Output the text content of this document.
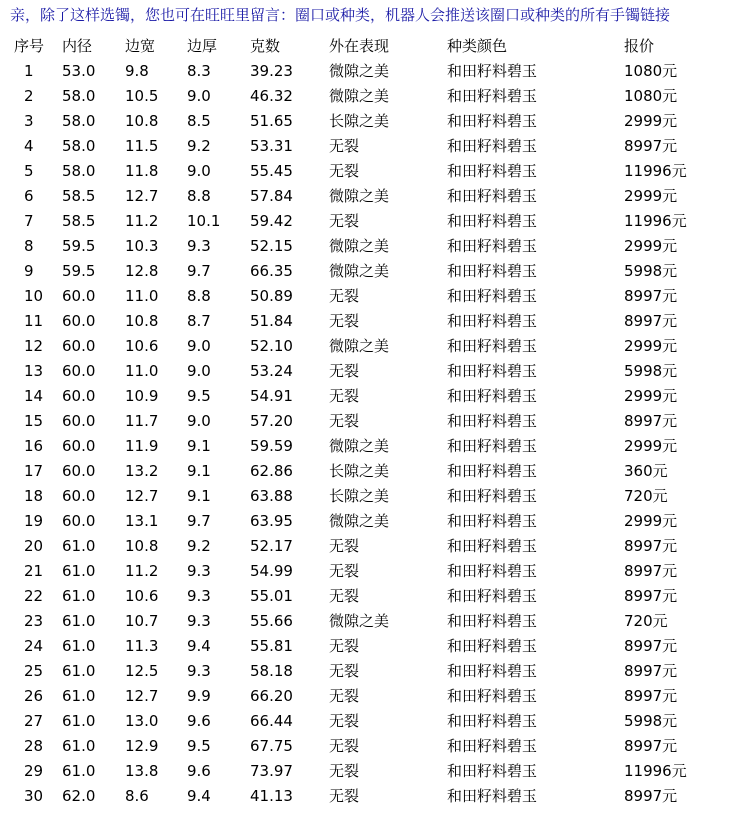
亲，除了这样选镯，您也可在旺旺里留言：圈口或种类，机器人会推送该圈口或种类的所有手镯链接
序号	内径	边宽	边厚	克数	外在表现	种类颜色	报价
1	53.0	9.8	8.3	39.23	微隙之美	和田籽料碧玉	1080元
2	58.0	10.5	9.0	46.32	微隙之美	和田籽料碧玉	1080元
3	58.0	10.8	8.5	51.65	长隙之美	和田籽料碧玉	2999元
4	58.0	11.5	9.2	53.31	无裂	和田籽料碧玉	8997元
5	58.0	11.8	9.0	55.45	无裂	和田籽料碧玉	11996元
6	58.5	12.7	8.8	57.84	微隙之美	和田籽料碧玉	2999元
7	58.5	11.2	10.1	59.42	无裂	和田籽料碧玉	11996元
8	59.5	10.3	9.3	52.15	微隙之美	和田籽料碧玉	2999元
9	59.5	12.8	9.7	66.35	微隙之美	和田籽料碧玉	5998元
10	60.0	11.0	8.8	50.89	无裂	和田籽料碧玉	8997元
11	60.0	10.8	8.7	51.84	无裂	和田籽料碧玉	8997元
12	60.0	10.6	9.0	52.10	微隙之美	和田籽料碧玉	2999元
13	60.0	11.0	9.0	53.24	无裂	和田籽料碧玉	5998元
14	60.0	10.9	9.5	54.91	无裂	和田籽料碧玉	2999元
15	60.0	11.7	9.0	57.20	无裂	和田籽料碧玉	8997元
16	60.0	11.9	9.1	59.59	微隙之美	和田籽料碧玉	2999元
17	60.0	13.2	9.1	62.86	长隙之美	和田籽料碧玉	360元
18	60.0	12.7	9.1	63.88	长隙之美	和田籽料碧玉	720元
19	60.0	13.1	9.7	63.95	微隙之美	和田籽料碧玉	2999元
20	61.0	10.8	9.2	52.17	无裂	和田籽料碧玉	8997元
21	61.0	11.2	9.3	54.99	无裂	和田籽料碧玉	8997元
22	61.0	10.6	9.3	55.01	无裂	和田籽料碧玉	8997元
23	61.0	10.7	9.3	55.66	微隙之美	和田籽料碧玉	720元
24	61.0	11.3	9.4	55.81	无裂	和田籽料碧玉	8997元
25	61.0	12.5	9.3	58.18	无裂	和田籽料碧玉	8997元
26	61.0	12.7	9.9	66.20	无裂	和田籽料碧玉	8997元
27	61.0	13.0	9.6	66.44	无裂	和田籽料碧玉	5998元
28	61.0	12.9	9.5	67.75	无裂	和田籽料碧玉	8997元
29	61.0	13.8	9.6	73.97	无裂	和田籽料碧玉	11996元
30	62.0	8.6	9.4	41.13	无裂	和田籽料碧玉	8997元
